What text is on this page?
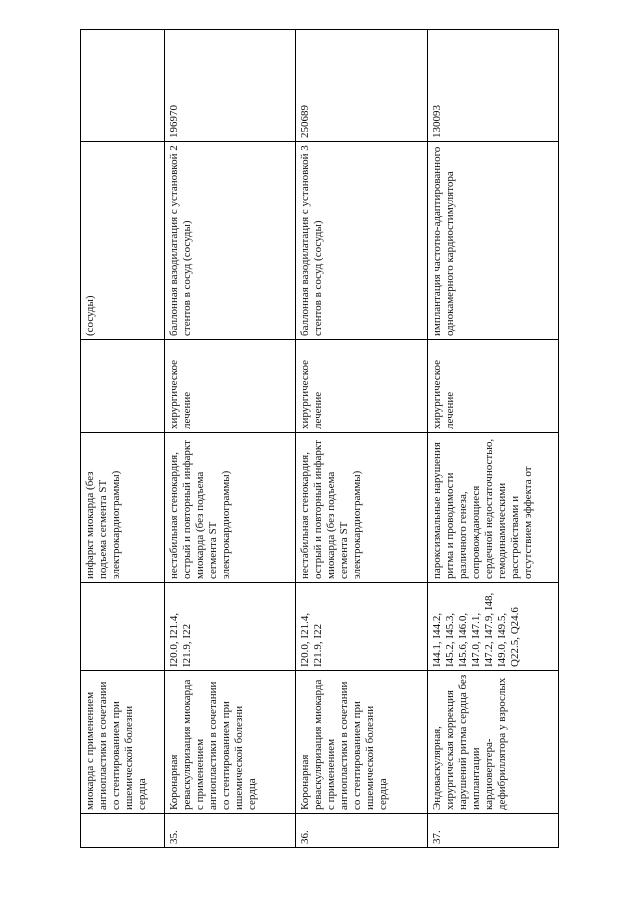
	миокарда с применением ангиопластики в сочетании со стентированием при ишемической болезни сердца		инфаркт миокарда (без подъема сегмента ST электрокардиограммы)		(сосуды)	
35.	Коронарная реваскуляризация миокарда с применением ангиопластики в сочетании со стентированием при ишемической болезни сердца	I20.0, I21.4, I21.9, I22	нестабильная стенокардия, острый и повторный инфаркт миокарда (без подъема сегмента ST электрокардиограммы)	хирургическое лечение	баллонная вазодилатация с установкой 2 стентов в сосуд (сосуды)	196970
36.	Коронарная реваскуляризация миокарда с применением ангиопластики в сочетании со стентированием при ишемической болезни сердца	I20.0, I21.4, I21.9, I22	нестабильная стенокардия, острый и повторный инфаркт миокарда (без подъема сегмента ST электрокардиограммы)	хирургическое лечение	баллонная вазодилатация с установкой 3 стентов в сосуд (сосуды)	250689
37.	Эндоваскулярная, хирургическая коррекция нарушений ритма сердца без имплантации кардиовертера-дефибриллятора у взрослых	I44.1, I44.2, I45.2, I45.3, I45.6, I46.0, I47.0, I47.1, I47.2, I47.9, I48, I49.0, I49.5, Q22.5, Q24.6	пароксизмальные нарушения ритма и проводимости различного генеза, сопровождающиеся сердечной недостаточностью, гемодинамическими расстройствами и отсутствием эффекта от	хирургическое лечение	имплантация частотно-адаптированного однокамерного кардиостимулятора	130093
